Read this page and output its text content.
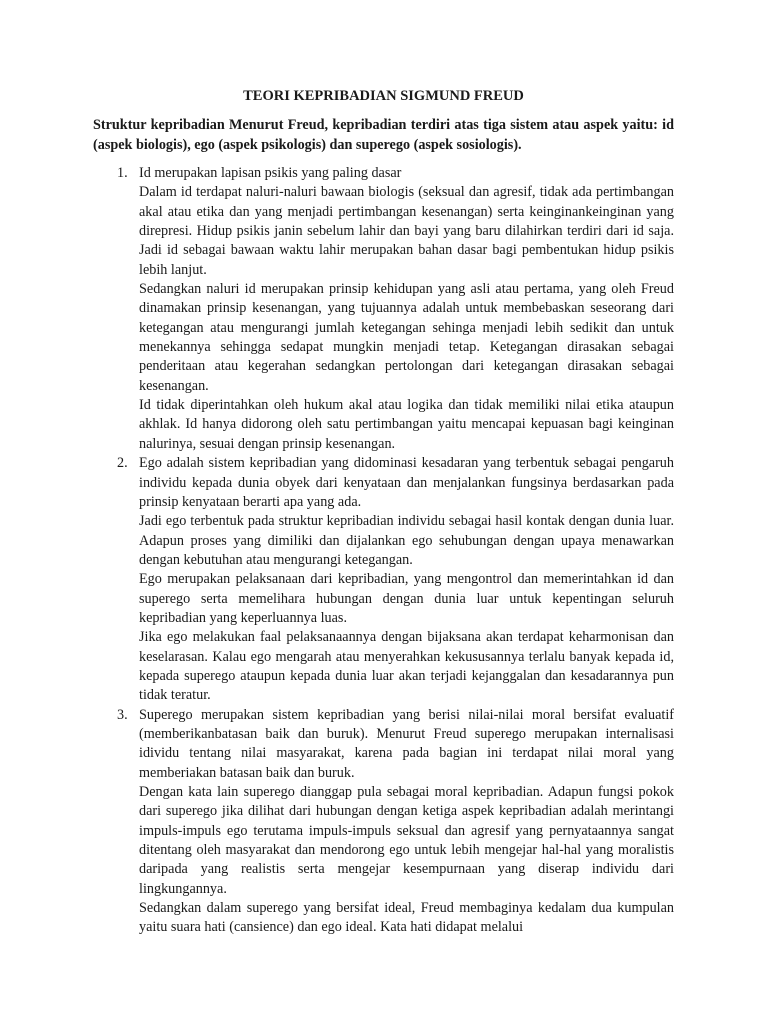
TEORI KEPRIBADIAN SIGMUND FREUD

Struktur kepribadian Menurut Freud, kepribadian terdiri atas tiga sistem atau aspek yaitu: id (aspek biologis), ego (aspek psikologis) dan superego (aspek sosiologis).

1. Id merupakan lapisan psikis yang paling dasar

Dalam id terdapat naluri-naluri bawaan biologis (seksual dan agresif, tidak ada pertimbangan akal atau etika dan yang menjadi pertimbangan kesenangan) serta keinginankeinginan yang direpresi. Hidup psikis janin sebelum lahir dan bayi yang baru dilahirkan terdiri dari id saja. Jadi id sebagai bawaan waktu lahir merupakan bahan dasar bagi pembentukan hidup psikis lebih lanjut.

Sedangkan naluri id merupakan prinsip kehidupan yang asli atau pertama, yang oleh Freud dinamakan prinsip kesenangan, yang tujuannya adalah untuk membebaskan seseorang dari ketegangan atau mengurangi jumlah ketegangan sehinga menjadi lebih sedikit dan untuk menekannya sehingga sedapat mungkin menjadi tetap. Ketegangan dirasakan sebagai penderitaan atau kegerahan sedangkan pertolongan dari ketegangan dirasakan sebagai kesenangan.

Id tidak diperintahkan oleh hukum akal atau logika dan tidak memiliki nilai etika ataupun akhlak. Id hanya didorong oleh satu pertimbangan yaitu mencapai kepuasan bagi keinginan nalurinya, sesuai dengan prinsip kesenangan.

2. Ego adalah sistem kepribadian yang didominasi kesadaran yang terbentuk sebagai pengaruh individu kepada dunia obyek dari kenyataan dan menjalankan fungsinya berdasarkan pada prinsip kenyataan berarti apa yang ada.

Jadi ego terbentuk pada struktur kepribadian individu sebagai hasil kontak dengan dunia luar. Adapun proses yang dimiliki dan dijalankan ego sehubungan dengan upaya menawarkan dengan kebutuhan atau mengurangi ketegangan.

Ego merupakan pelaksanaan dari kepribadian, yang mengontrol dan memerintahkan id dan superego serta memelihara hubungan dengan dunia luar untuk kepentingan seluruh kepribadian yang keperluannya luas.

Jika ego melakukan faal pelaksanaannya dengan bijaksana akan terdapat keharmonisan dan keselarasan. Kalau ego mengarah atau menyerahkan kekususannya terlalu banyak kepada id, kepada superego ataupun kepada dunia luar akan terjadi kejanggalan dan kesadarannya pun tidak teratur.

3. Superego merupakan sistem kepribadian yang berisi nilai-nilai moral bersifat evaluatif (memberikanbatasan baik dan buruk). Menurut Freud superego merupakan internalisasi idividu tentang nilai masyarakat, karena pada bagian ini terdapat nilai moral yang memberiakan batasan baik dan buruk.

Dengan kata lain superego dianggap pula sebagai moral kepribadian. Adapun fungsi pokok dari superego jika dilihat dari hubungan dengan ketiga aspek kepribadian adalah merintangi impuls-impuls ego terutama impuls-impuls seksual dan agresif yang pernyataannya sangat ditentang oleh masyarakat dan mendorong ego untuk lebih mengejar hal-hal yang moralistis daripada yang realistis serta mengejar kesempurnaan yang diserap individu dari lingkungannya.

Sedangkan dalam superego yang bersifat ideal, Freud membaginya kedalam dua kumpulan yaitu suara hati (cansience) dan ego ideal. Kata hati didapat melalui
